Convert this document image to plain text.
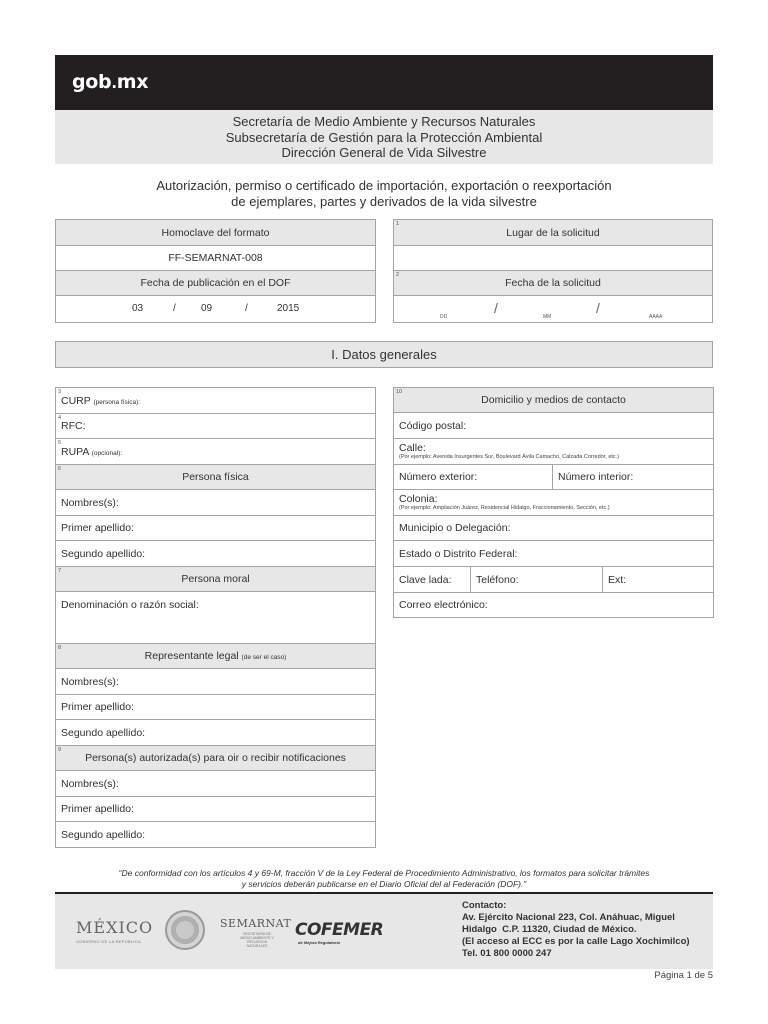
gob.mx
Secretaría de Medio Ambiente y Recursos Naturales
Subsecretaría de Gestión para la Protección Ambiental
Dirección General de Vida Silvestre
Autorización, permiso o certificado de importación, exportación o reexportación
de ejemplares, partes y derivados de la vida silvestre
Homoclave del formato
FF-SEMARNAT-008
Fecha de publicación en el DOF

03	/	09	/	2015
1
Lugar de la solicitud

2
Fecha de la solicitud

DD
/
MM
/
AAAA
I. Datos generales
3
CURP (persona física):

4
RFC:

5
RUPA (opcional):

6
Persona física
Nombres(s):
Primer apellido:
Segundo apellido:

7
Persona moral
Denominación o razón social:

8
Representante legal (de ser el caso)
Nombres(s):
Primer apellido:
Segundo apellido:

9
Persona(s) autorizada(s) para oir o recibir notificaciones
Nombres(s):
Primer apellido:
Segundo apellido:
10
Domicilio y medios de contacto			
Código postal:			
Calle:
(Por ejemplo: Avenida Insurgentes Sur, Boulevard Ávila Camacho, Calzada Corredor, etc.)			

Número exterior:		Número interior:	
Colonia:
(Por ejemplo: Ampliación Juárez, Residencial Hidalgo, Fraccionamiento, Sección, etc.)			

Municipio o Delegación:			
Estado o Distrito Federal:			
Clave lada:	Teléfono:		Ext:
Correo electrónico:			
“De conformidad con los artículos 4 y 69-M, fracción V de la Ley Federal de Procedimiento Administrativo, los formatos para solicitar trámites
y servicios deberán publicarse en el Diario Oficial del al Federación (DOF).”
MÉXICO
GOBIERNO DE LA REPÚBLICA
SEMARNAT
SECRETARÍA DE MEDIO AMBIENTE Y RECURSOS NATURALES
COFEMER
de Mejora Regulatoria
Contacto:
Av. Ejército Nacional 223, Col. Anáhuac, Miguel
Hidalgo  C.P. 11320, Ciudad de México.
(El acceso al ECC es por la calle Lago Xochimilco)
Tel. 01 800 0000 247
Página 1 de 5
